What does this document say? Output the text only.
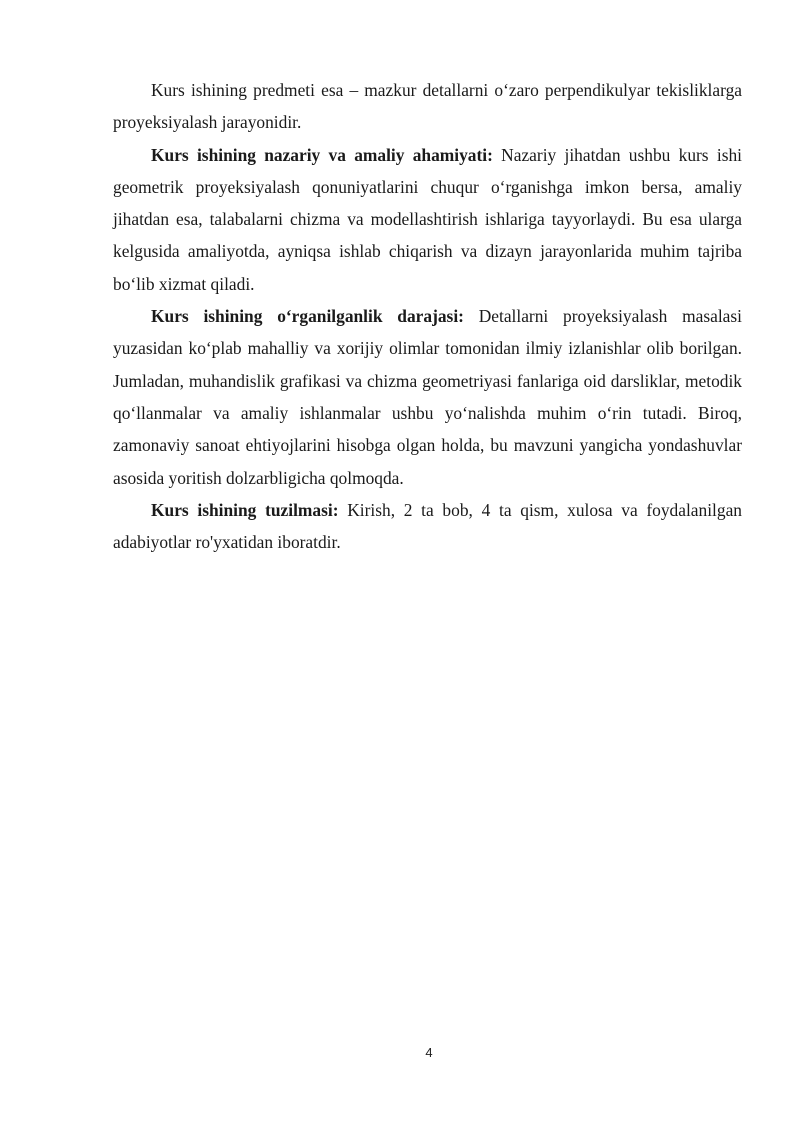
Kurs ishining predmeti esa – mazkur detallarni o‘zaro perpendikulyar tekisliklarga proyeksiyalash jarayonidir.

Kurs ishining nazariy va amaliy ahamiyati: Nazariy jihatdan ushbu kurs ishi geometrik proyeksiyalash qonuniyatlarini chuqur o‘rganishga imkon bersa, amaliy jihatdan esa, talabalarni chizma va modellashtirish ishlariga tayyorlaydi. Bu esa ularga kelgusida amaliyotda, ayniqsa ishlab chiqarish va dizayn jarayonlarida muhim tajriba bo‘lib xizmat qiladi.

Kurs ishining o‘rganilganlik darajasi: Detallarni proyeksiyalash masalasi yuzasidan ko‘plab mahalliy va xorijiy olimlar tomonidan ilmiy izlanishlar olib borilgan. Jumladan, muhandislik grafikasi va chizma geometriyasi fanlariga oid darsliklar, metodik qo‘llanmalar va amaliy ishlanmalar ushbu yo‘nalishda muhim o‘rin tutadi. Biroq, zamonaviy sanoat ehtiyojlarini hisobga olgan holda, bu mavzuni yangicha yondashuvlar asosida yoritish dolzarbligicha qolmoqda.

Kurs ishining tuzilmasi: Kirish, 2 ta bob, 4 ta qism, xulosa va foydalanilgan adabiyotlar ro'yxatidan iboratdir.

4
